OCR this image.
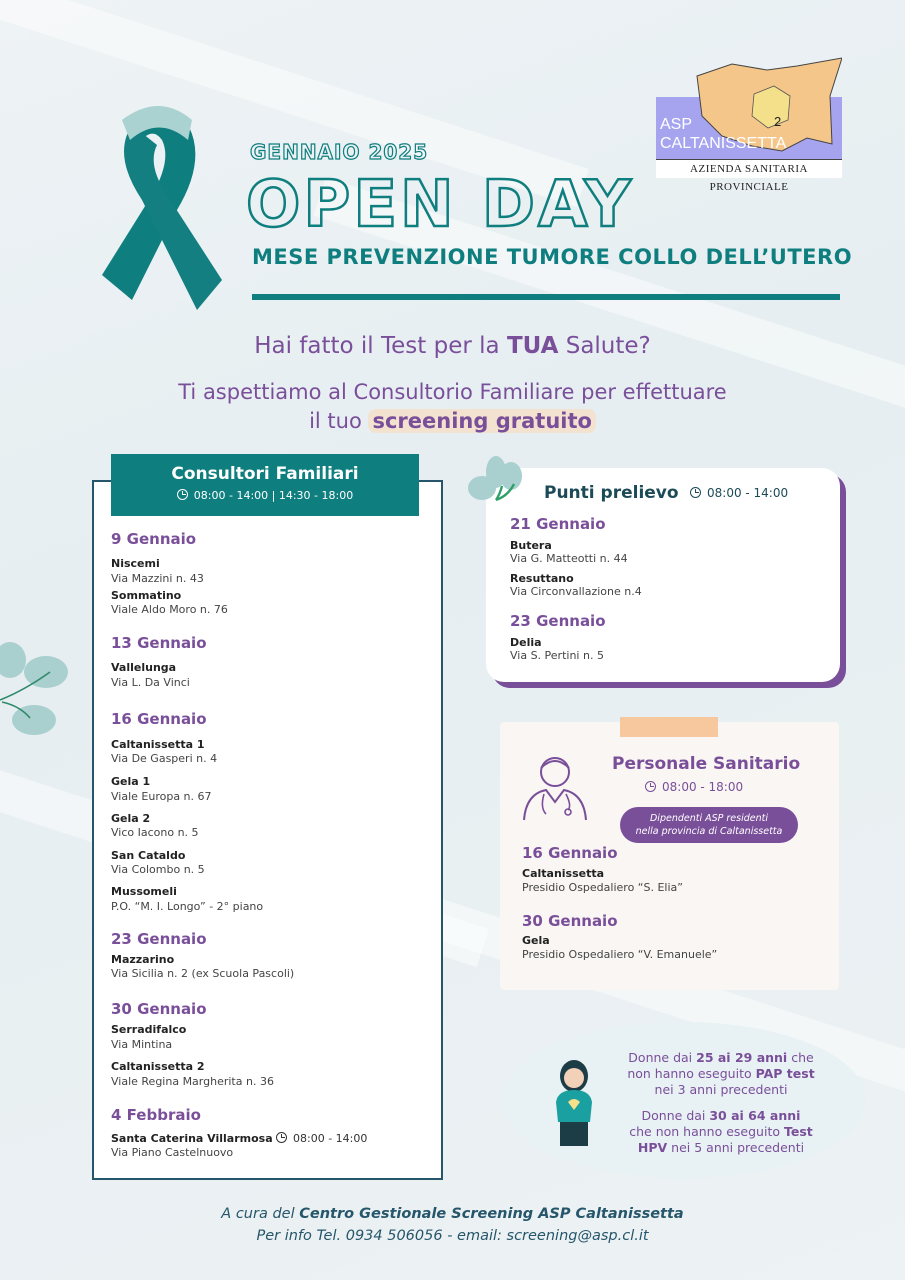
GENNAIO 2025
OPEN DAY
MESE PREVENZIONE TUMORE COLLO DELL’UTERO
2
ASP
CALTANISSETTA
AZIENDA SANITARIA PROVINCIALE
Hai fatto il Test per la TUA Salute?
Ti aspettiamo al Consultorio Familiare per effettuare
il tuo screening gratuito
Consultori Familiari
08:00 - 14:00 | 14:30 - 18:00
9 Gennaio
Niscemi
Via Mazzini n. 43
Sommatino
Viale Aldo Moro n. 76
13 Gennaio
Vallelunga
Via L. Da Vinci
16 Gennaio
Caltanissetta 1
Via De Gasperi n. 4
Gela 1
Viale Europa n. 67
Gela 2
Vico Iacono n. 5
San Cataldo
Via Colombo n. 5
Mussomeli
P.O. “M. I. Longo” - 2° piano
23 Gennaio
Mazzarino
Via Sicilia n. 2 (ex Scuola Pascoli)
30 Gennaio
Serradifalco
Via Mintina
Caltanissetta 2
Viale Regina Margherita n. 36
4 Febbraio
Santa Caterina Villarmosa
Via Piano Castelnuovo
08:00 - 14:00
Punti prelievo	08:00 - 14:00
21 Gennaio
Butera
Via G. Matteotti n. 44
Resuttano
Via Circonvallazione n.4
23 Gennaio
Delia
Via S. Pertini n. 5
Personale Sanitario
08:00 - 18:00
Dipendenti ASP residenti
nella provincia di Caltanissetta
16 Gennaio
Caltanissetta
Presidio Ospedaliero “S. Elia”
30 Gennaio
Gela
Presidio Ospedaliero “V. Emanuele”
Donne dai 25 ai 29 anni che
non hanno eseguito PAP test
nei 3 anni precedenti
Donne dai 30 ai 64 anni
che non hanno eseguito Test
HPV nei 5 anni precedenti
A cura del Centro Gestionale Screening ASP Caltanissetta
Per info Tel. 0934 506056 - email: screening@asp.cl.it
